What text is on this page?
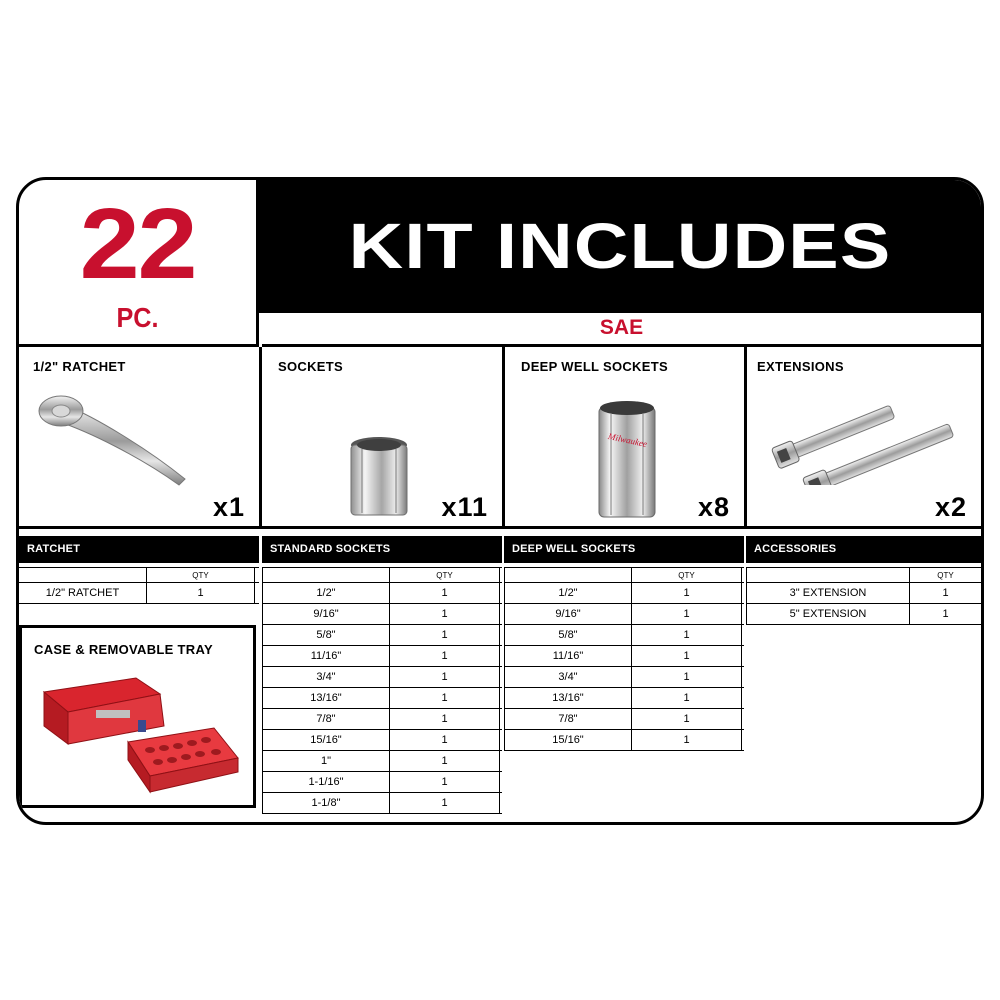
22
PC.
KIT INCLUDES
SAE
1/2" RATCHET
x1
SOCKETS
x11
DEEP WELL SOCKETS
Milwaukee
x8
EXTENSIONS
x2
RATCHET
QTY
1/2" RATCHET	1
STANDARD SOCKETS
QTY
1/2"	1
9/16"	1
5/8"	1
11/16"	1
3/4"	1
13/16"	1
7/8"	1
15/16"	1
1"	1
1-1/16"	1
1-1/8"	1
DEEP WELL SOCKETS
QTY
1/2"	1
9/16"	1
5/8"	1
11/16"	1
3/4"	1
13/16"	1
7/8"	1
15/16"	1
ACCESSORIES
QTY
3" EXTENSION	1
5" EXTENSION	1
CASE & REMOVABLE TRAY
